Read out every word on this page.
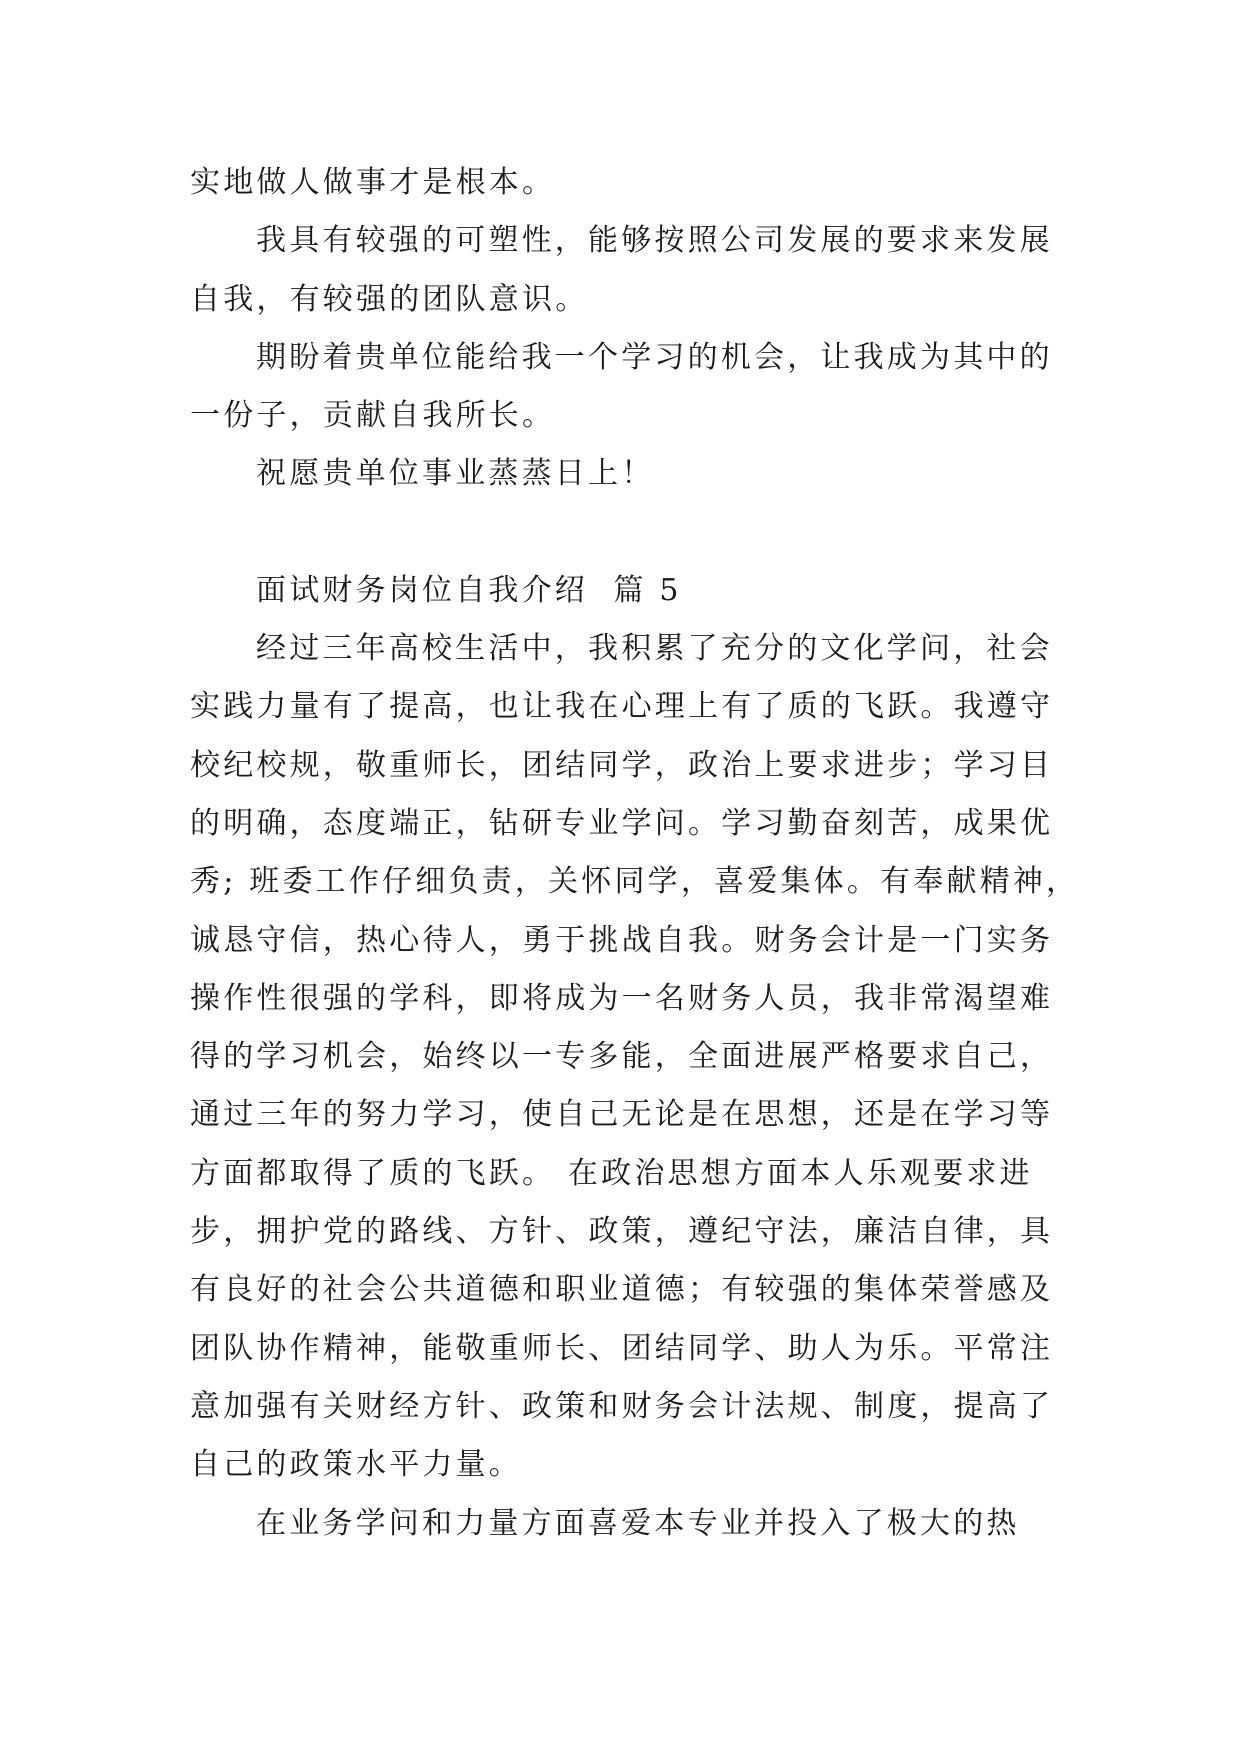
实地做人做事才是根本。
我具有较强的可塑性，能够按照公司发展的要求来发展
自我，有较强的团队意识。
期盼着贵单位能给我一个学习的机会，让我成为其中的
一份子，贡献自我所长。
祝愿贵单位事业蒸蒸日上！
面试财务岗位自我介绍  篇 5
经过三年高校生活中，我积累了充分的文化学问，社会
实践力量有了提高，也让我在心理上有了质的飞跃。我遵守
校纪校规，敬重师长，团结同学，政治上要求进步；学习目
的明确，态度端正，钻研专业学问。学习勤奋刻苦，成果优
秀; 班委工作仔细负责，关怀同学，喜爱集体。有奉献精神，
诚恳守信，热心待人，勇于挑战自我。财务会计是一门实务
操作性很强的学科，即将成为一名财务人员，我非常渴望难
得的学习机会，始终以一专多能，全面进展严格要求自己，
通过三年的努力学习，使自己无论是在思想，还是在学习等
方面都取得了质的飞跃。 在政治思想方面本人乐观要求进
步，拥护党的路线、方针、政策，遵纪守法，廉洁自律，具
有良好的社会公共道德和职业道德；有较强的集体荣誉感及
团队协作精神，能敬重师长、团结同学、助人为乐。平常注
意加强有关财经方针、政策和财务会计法规、制度，提高了
自己的政策水平力量。
在业务学问和力量方面喜爱本专业并投入了极大的热
